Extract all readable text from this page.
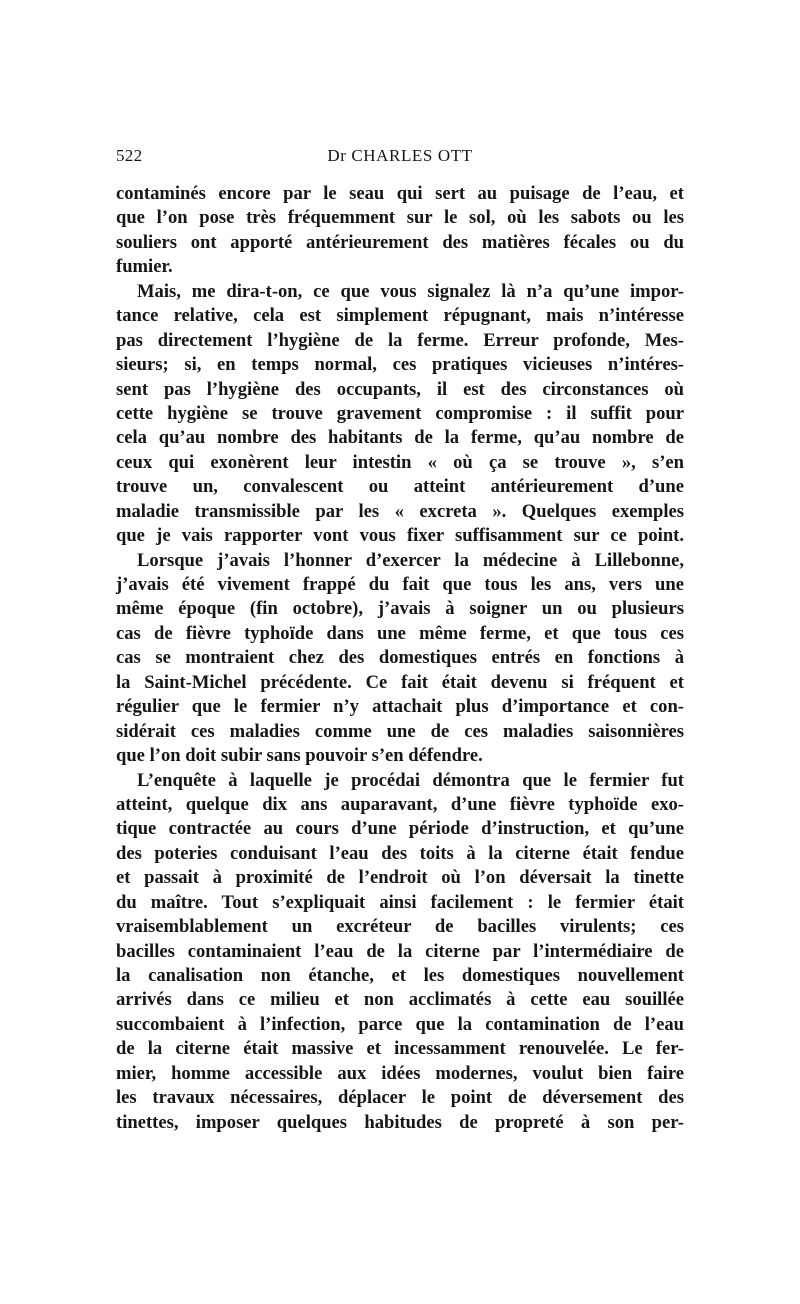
522	Dr CHARLES OTT
contaminés encore par le seau qui sert au puisage de l’eau, et
que l’on pose très fréquemment sur le sol, où les sabots ou les
souliers ont apporté antérieurement des matières fécales ou du
fumier.
Mais, me dira-t-on, ce que vous signalez là n’a qu’une impor-
tance relative, cela est simplement répugnant, mais n’intéresse
pas directement l’hygiène de la ferme. Erreur profonde, Mes-
sieurs; si, en temps normal, ces pratiques vicieuses n’intéres-
sent pas l’hygiène des occupants, il est des circonstances où
cette hygiène se trouve gravement compromise : il suffit pour
cela qu’au nombre des habitants de la ferme, qu’au nombre de
ceux qui exonèrent leur intestin « où ça se trouve », s’en
trouve un, convalescent ou atteint antérieurement d’une
maladie transmissible par les « excreta ». Quelques exemples
que je vais rapporter vont vous fixer suffisamment sur ce point.
Lorsque j’avais l’honner d’exercer la médecine à Lillebonne,
j’avais été vivement frappé du fait que tous les ans, vers une
même époque (fin octobre), j’avais à soigner un ou plusieurs
cas de fièvre typhoïde dans une même ferme, et que tous ces
cas se montraient chez des domestiques entrés en fonctions à
la Saint-Michel précédente. Ce fait était devenu si fréquent et
régulier que le fermier n’y attachait plus d’importance et con-
sidérait ces maladies comme une de ces maladies saisonnières
que l’on doit subir sans pouvoir s’en défendre.
L’enquête à laquelle je procédai démontra que le fermier fut
atteint, quelque dix ans auparavant, d’une fièvre typhoïde exo-
tique contractée au cours d’une période d’instruction, et qu’une
des poteries conduisant l’eau des toits à la citerne était fendue
et passait à proximité de l’endroit où l’on déversait la tinette
du maître. Tout s’expliquait ainsi facilement : le fermier était
vraisemblablement un excréteur de bacilles virulents; ces
bacilles contaminaient l’eau de la citerne par l’intermédiaire de
la canalisation non étanche, et les domestiques nouvellement
arrivés dans ce milieu et non acclimatés à cette eau souillée
succombaient à l’infection, parce que la contamination de l’eau
de la citerne était massive et incessamment renouvelée. Le fer-
mier, homme accessible aux idées modernes, voulut bien faire
les travaux nécessaires, déplacer le point de déversement des
tinettes, imposer quelques habitudes de propreté à son per-
